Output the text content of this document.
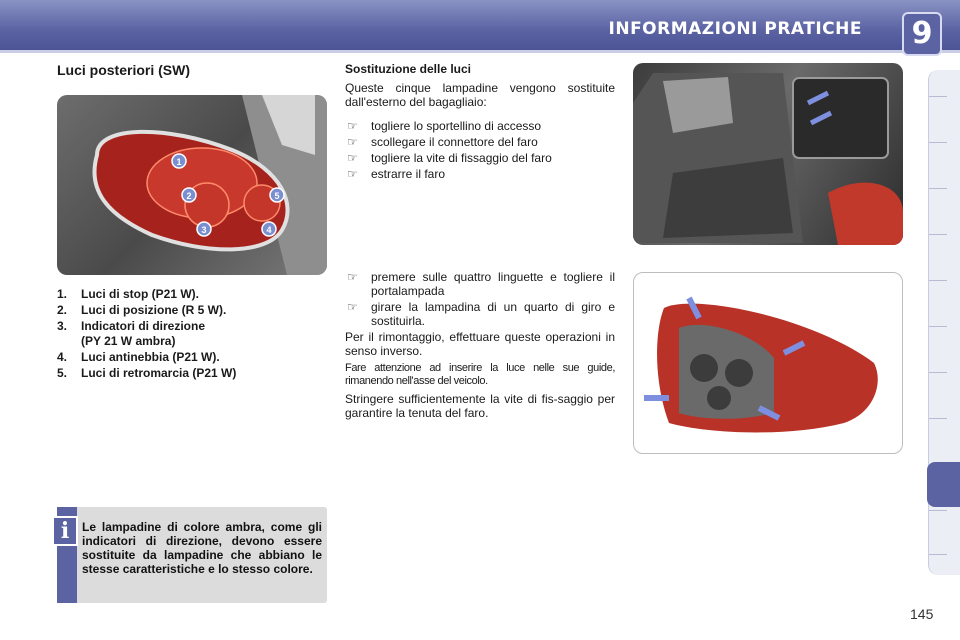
INFORMAZIONI PRATICHE	9
Luci posteriori (SW)
1
2
3	4
5
1.	Luci di stop (P21 W).
2.	Luci di posizione (R 5 W).
3.	Indicatori di direzione
(PY 21 W ambra)
4.	Luci antinebbia (P21 W).
5.	Luci di retromarcia (P21 W)
i	Le lampadine di colore ambra, come gli indicatori di direzione, devono essere sostituite da lampadine che abbiano le stesse caratteristiche e lo stesso colore.
Sostituzione delle luci

Queste cinque lampadine vengono sostituite dall'esterno del bagagliaio:

☞	togliere lo sportellino di accesso
☞	scollegare il connettore del faro
☞	togliere la vite di fissaggio del faro
☞	estrarre il faro
☞	premere sulle quattro linguette e togliere il portalampada
☞	girare la lampadina di un quarto di giro e sostituirla.

Per il rimontaggio, effettuare queste operazioni in senso inverso.

Fare attenzione ad inserire la luce nelle sue guide, rimanendo nell'asse del veicolo.

Stringere sufficientemente la vite di fis-saggio per garantire la tenuta del faro.

145
